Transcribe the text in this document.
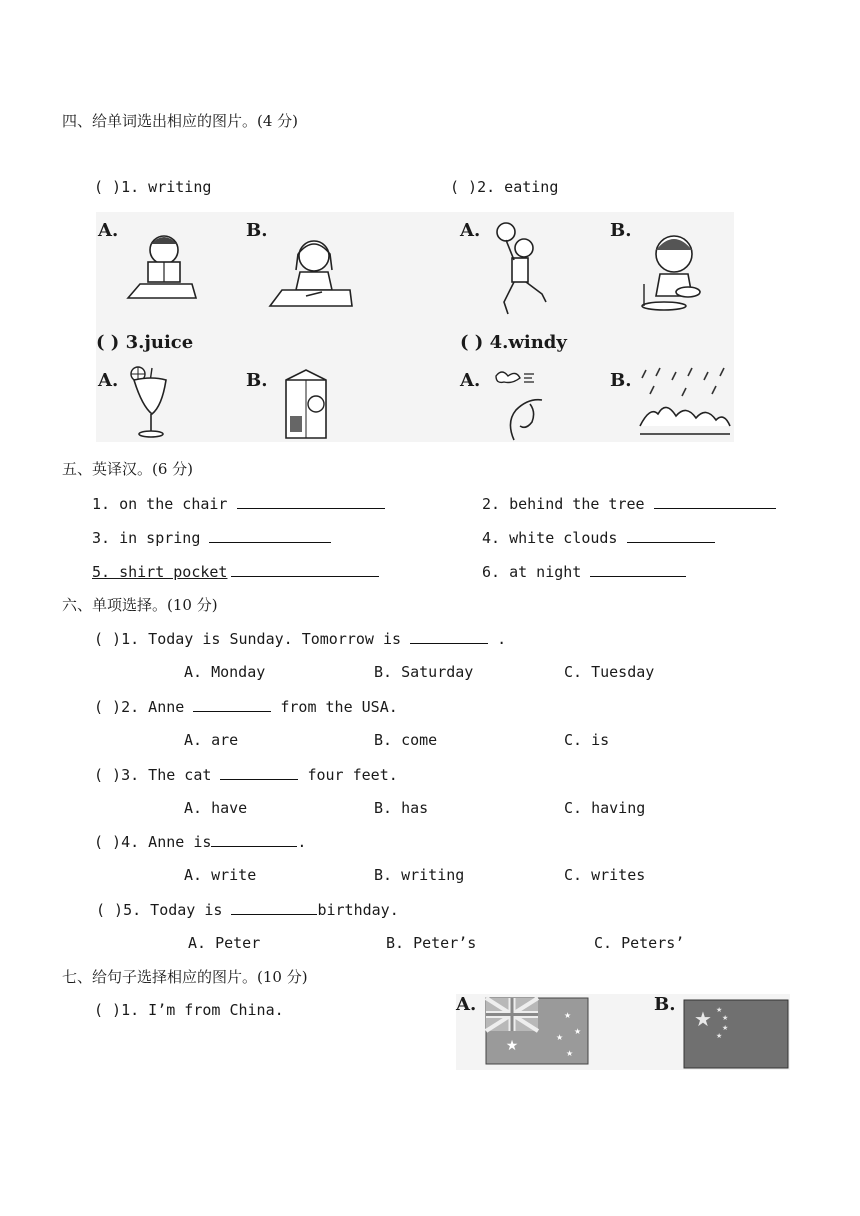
四、给单词选出相应的图片。(4 分)
( )1. writing	( )2. eating
A.	B.	A.	B.
( ) 3.juice	( ) 4.windy
A.	B.	A.	B.
五、英译汉。(6 分)
1. on the chair	2. behind the tree
3. in spring	4. white clouds
5. shirt pocket	6. at night
六、单项选择。(10 分)
( )1. Today is Sunday. Tomorrow is	.
A. Monday	B. Saturday	C. Tuesday
( )2. Anne	from the USA.
A. are	B. come	C. is
( )3. The cat	four feet.
A. have	B. has	C. having
( )4. Anne is	.
A. write	B. writing	C. writes
( )5. Today is	birthday.
A. Peter	B. Peter’s	C. Peters’
七、给句子选择相应的图片。(10 分)
( )1. I’m from China.	A.	B.
★
★
★
★
★
★ ★
★
★
★
